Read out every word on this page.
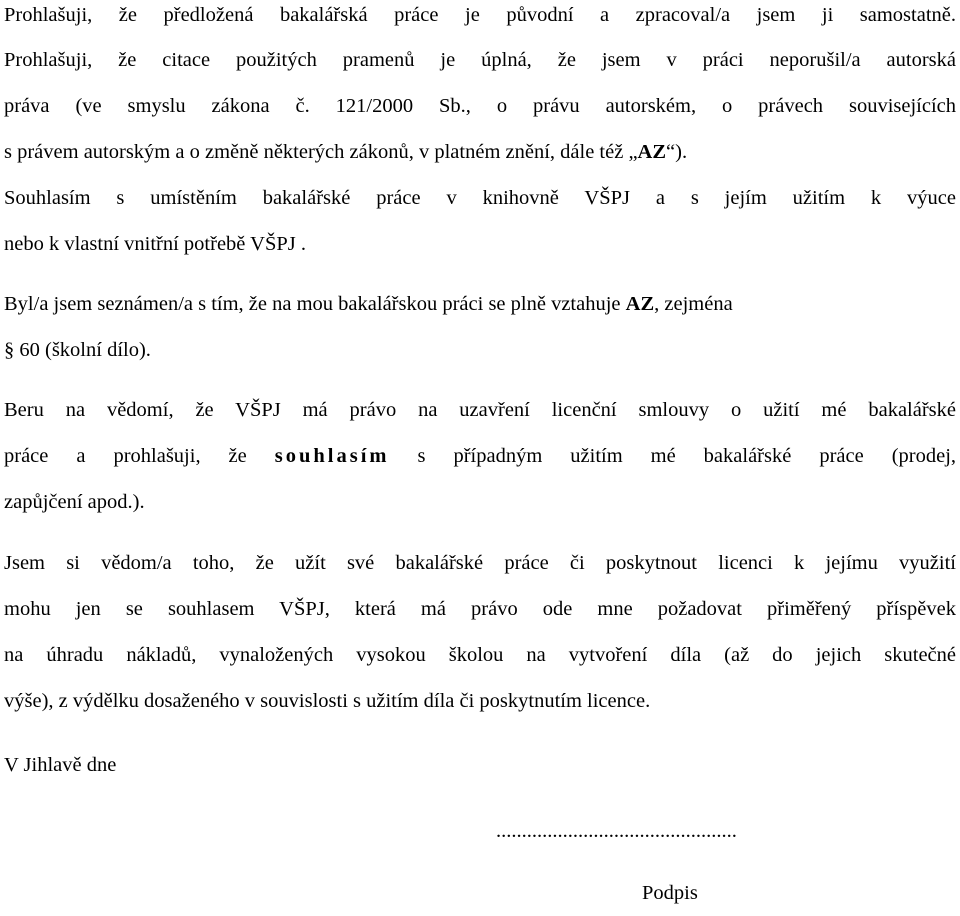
Prohlašuji, že předložená bakalářská práce je původní a zpracoval/a jsem ji samostatně.
Prohlašuji, že citace použitých pramenů je úplná, že jsem v práci neporušil/a autorská
práva (ve smyslu zákona č. 121/2000 Sb., o právu autorském, o právech souvisejících
s právem autorským a o změně některých zákonů, v platném znění, dále též „AZ“).
Souhlasím s umístěním bakalářské práce v knihovně VŠPJ a s jejím užitím k výuce
nebo k vlastní vnitřní potřebě VŠPJ .
Byl/a jsem seznámen/a s tím, že na mou bakalářskou práci se plně vztahuje AZ, zejména
§ 60 (školní dílo).
Beru na vědomí, že VŠPJ má právo na uzavření licenční smlouvy o užití mé bakalářské
práce a prohlašuji, že souhlasím s případným užitím mé bakalářské práce (prodej,
zapůjčení apod.).
Jsem si vědom/a toho, že užít své bakalářské práce či poskytnout licenci k jejímu využití
mohu jen se souhlasem VŠPJ, která má právo ode mne požadovat přiměřený příspěvek
na úhradu nákladů, vynaložených vysokou školou na vytvoření díla (až do jejich skutečné
výše), z výdělku dosaženého v souvislosti s užitím díla či poskytnutím licence.
V Jihlavě dne
...............................................
Podpis
